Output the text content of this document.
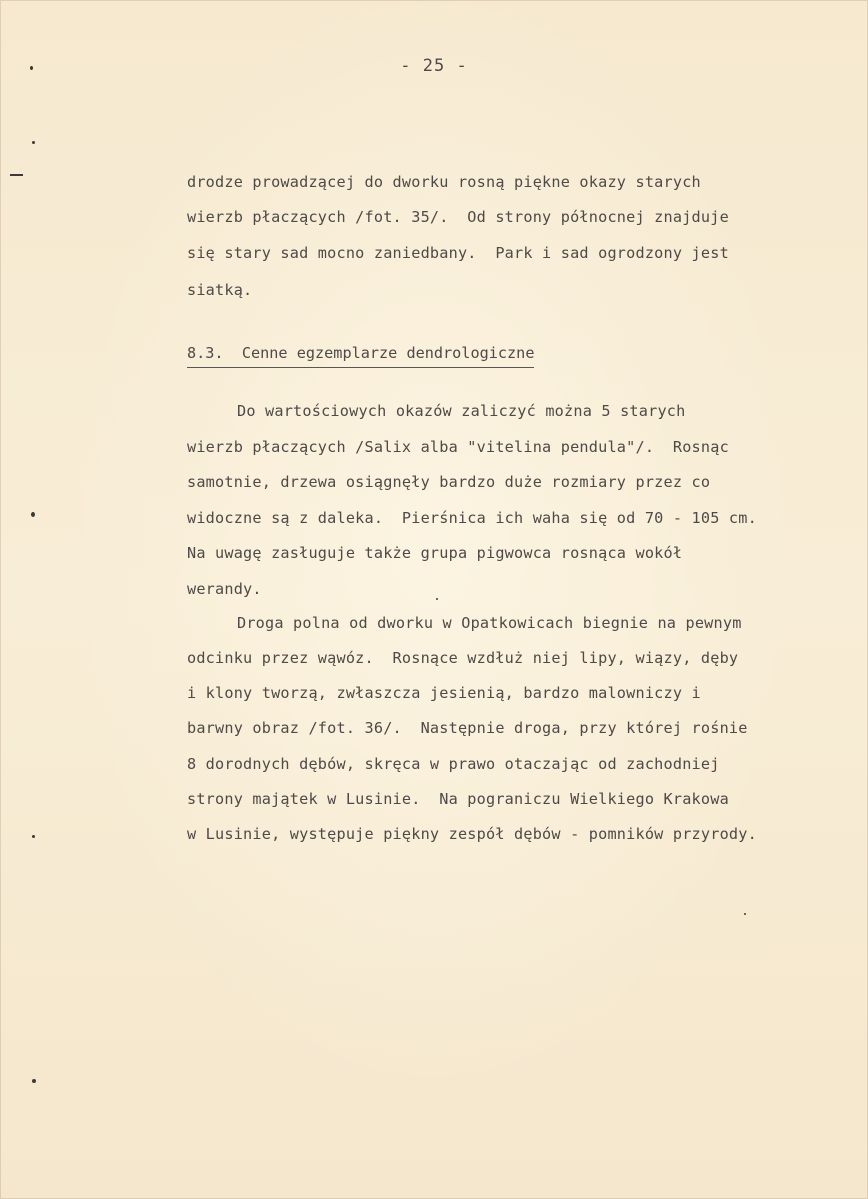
- 25 -
drodze prowadzącej do dworku rosną piękne okazy starych
wierzb płaczących /fot. 35/.  Od strony północnej znajduje
się stary sad mocno zaniedbany.  Park i sad ogrodzony jest
siatką.
8.3.  Cenne egzemplarze dendrologiczne
Do wartościowych okazów zaliczyć można 5 starych
wierzb płaczących /Salix alba "vitelina pendula"/.  Rosnąc
samotnie, drzewa osiągnęły bardzo duże rozmiary przez co
widoczne są z daleka.  Pierśnica ich waha się od 70 - 105 cm.
Na uwagę zasługuje także grupa pigwowca rosnąca wokół
werandy.
Droga polna od dworku w Opatkowicach biegnie na pewnym
odcinku przez wąwóz.  Rosnące wzdłuż niej lipy, wiązy, dęby
i klony tworzą, zwłaszcza jesienią, bardzo malowniczy i
barwny obraz /fot. 36/.  Następnie droga, przy której rośnie
8 dorodnych dębów, skręca w prawo otaczając od zachodniej
strony majątek w Lusinie.  Na pograniczu Wielkiego Krakowa
w Lusinie, występuje piękny zespół dębów - pomników przyrody.
